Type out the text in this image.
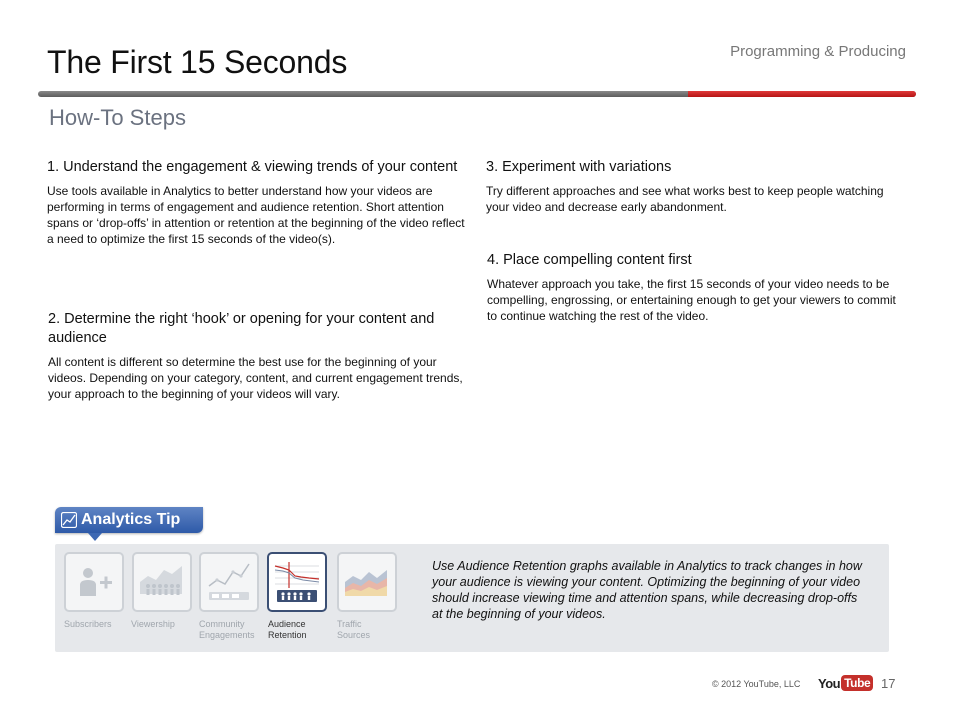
The First 15 Seconds	Programming & Producing
How-To Steps
1. Understand the engagement & viewing trends of your content

Use tools available in Analytics to better understand how your videos are performing in terms of engagement and audience retention. Short attention spans or ‘drop-offs’ in attention or retention at the beginning of the video reflect a need to optimize the first 15 seconds of the video(s).

2. Determine the right ‘hook’ or opening for your content and audience

All content is different so determine the best use for the beginning of your videos. Depending on your category, content, and current engagement trends, your approach to the beginning of your videos will vary.

3. Experiment with variations

Try different approaches and see what works best to keep people watching your video and decrease early abandonment.

4. Place compelling content first

Whatever approach you take, the first 15 seconds of your video needs to be compelling, engrossing, or entertaining enough to get your viewers to commit to continue watching the rest of the video.

Analytics Tip
Subscribers	Viewership	Community
Engagements
Audience
Retention
Traffic
Sources
Use Audience Retention graphs available in Analytics to track changes in how your audience is viewing your content. Optimizing the beginning of your video should increase viewing time and attention spans, while decreasing drop-offs at the beginning of your videos.
© 2012 YouTube, LLC You Tube 17
